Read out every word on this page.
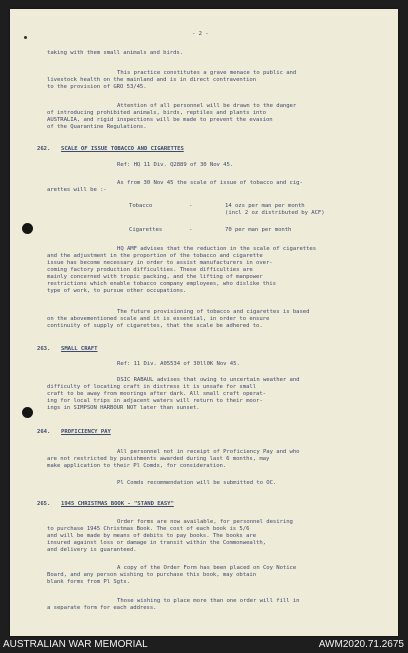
- 2 -
taking with them small animals and birds.
This practice constitutes a grave menace to public and
livestock health on the mainland and is in direct contravention
to the provision of GRO 53/45.
Attention of all personnel will be drawn to the danger
of introducing prohibited animals, birds, reptiles and plants into
AUSTRALIA, and rigid inspections will be made to prevent the evasion
of the Quarantine Regulations.
262. SCALE OF ISSUE TOBACCO AND CIGARETTES
Ref: HQ 11 Div. Q2889 of 30 Nov 45.
As from 30 Nov 45 the scale of issue of tobacco and cig-
arettes will be :-
Tobacco	-	14 ozs per man per month
(incl 2 oz distributed by ACF)
Cigarettes	-	70 per man per month
HQ AMF advises that the reduction in the scale of cigarettes
and the adjustment in the proportion of the tobacco and cigarette
issue has become necessary in order to assist manufacturers in over-
coming factory production difficulties. These difficulties are
mainly concerned with tropic packing, and the lifting of manpower
restrictions which enable tobacco company employees, who dislike this
type of work, to pursue other occupations.
The future provisioning of tobacco and cigarettes is based
on the abovementioned scale and it is essential, in order to ensure
continuity of supply of cigarettes, that the scale be adhered to.
263. SMALL CRAFT
Ref: 11 Div. A05534 of 30ll0K Nov 45.
DSIC RABAUL advises that owing to uncertain weather and
difficulty of locating craft in distress it is unsafe for small
craft to be away from moorings after dark. All small craft operat-
ing for local trips in adjacent waters will return to their moor-
ings in SIMPSON HARBOUR NOT later than sunset.
264. PROFICIENCY PAY
All personnel not in receipt of Proficiency Pay and who
are not restricted by punishments awarded during last 6 months, may
make application to their Pl Comds, for consideration.
Pl Comds recommendation will be submitted to OC.
265. 1945 CHRISTMAS BOOK - "STAND EASY"
Order forms are now available, for personnel desiring
to purchase 1945 Christmas Book. The cost of each book is 5/6
and will be made by means of debits to pay books. The books are
insured against loss or damage in transit within the Commonwealth,
and delivery is guaranteed.
A copy of the Order Form has been placed on Coy Notice
Board, and any person wishing to purchase this book, may obtain
blank forms from Pl Sgts.
Those wishing to place more than one order will fill in
a separate form for each address.
AUSTRALIAN WAR MEMORIAL	AWM2020.71.2675
